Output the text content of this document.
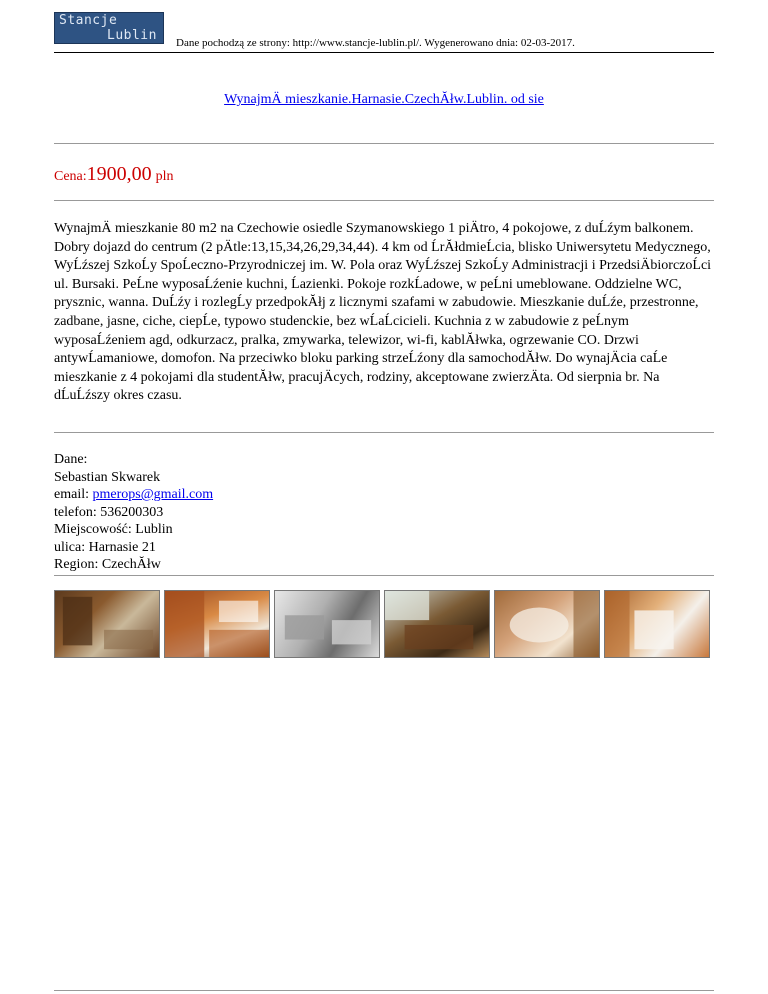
Stancje
Lublin Dane pochodzą ze strony: http://www.stancje-lublin.pl/. Wygenerowano dnia: 02-03-2017.
WynajmÄ mieszkanie.Harnasie.CzechĂłw.Lublin. od sie
Cena:1900,00 pln
WynajmÄ mieszkanie 80 m2 na Czechowie osiedle Szymanowskiego 1 piÄtro, 4 pokojowe, z duĹźym balkonem. Dobry dojazd do centrum (2 pÄtle:13,15,34,26,29,34,44). 4 km od ĹrĂłdmieĹcia, blisko Uniwersytetu Medycznego, WyĹźszej SzkoĹy SpoĹeczno-Przyrodniczej im. W. Pola oraz WyĹźszej SzkoĹy Administracji i PrzedsiÄbiorczoĹci ul. Bursaki. PeĹne wyposaĹźenie kuchni, Ĺazienki. Pokoje rozkĹadowe, w peĹni umeblowane. Oddzielne WC, prysznic, wanna. DuĹźy i rozlegĹy przedpokĂłj z licznymi szafami w zabudowie. Mieszkanie duĹźe, przestronne, zadbane, jasne, ciche, ciepĹe, typowo studenckie, bez wĹaĹcicieli. Kuchnia z w zabudowie z peĹnym wyposaĹźeniem agd, odkurzacz, pralka, zmywarka, telewizor, wi-fi, kablĂłwka, ogrzewanie CO. Drzwi antywĹamaniowe, domofon. Na przeciwko bloku parking strzeĹźony dla samochodĂłw. Do wynajÄcia caĹe mieszkanie z 4 pokojami dla studentĂłw, pracujÄcych, rodziny, akceptowane zwierzÄta. Od sierpnia br. Na dĹuĹźszy okres czasu.
Dane:
Sebastian Skwarek
email: pmerops@gmail.com
telefon: 536200303
Miejscowość: Lublin
ulica: Harnasie 21
Region: CzechĂłw
